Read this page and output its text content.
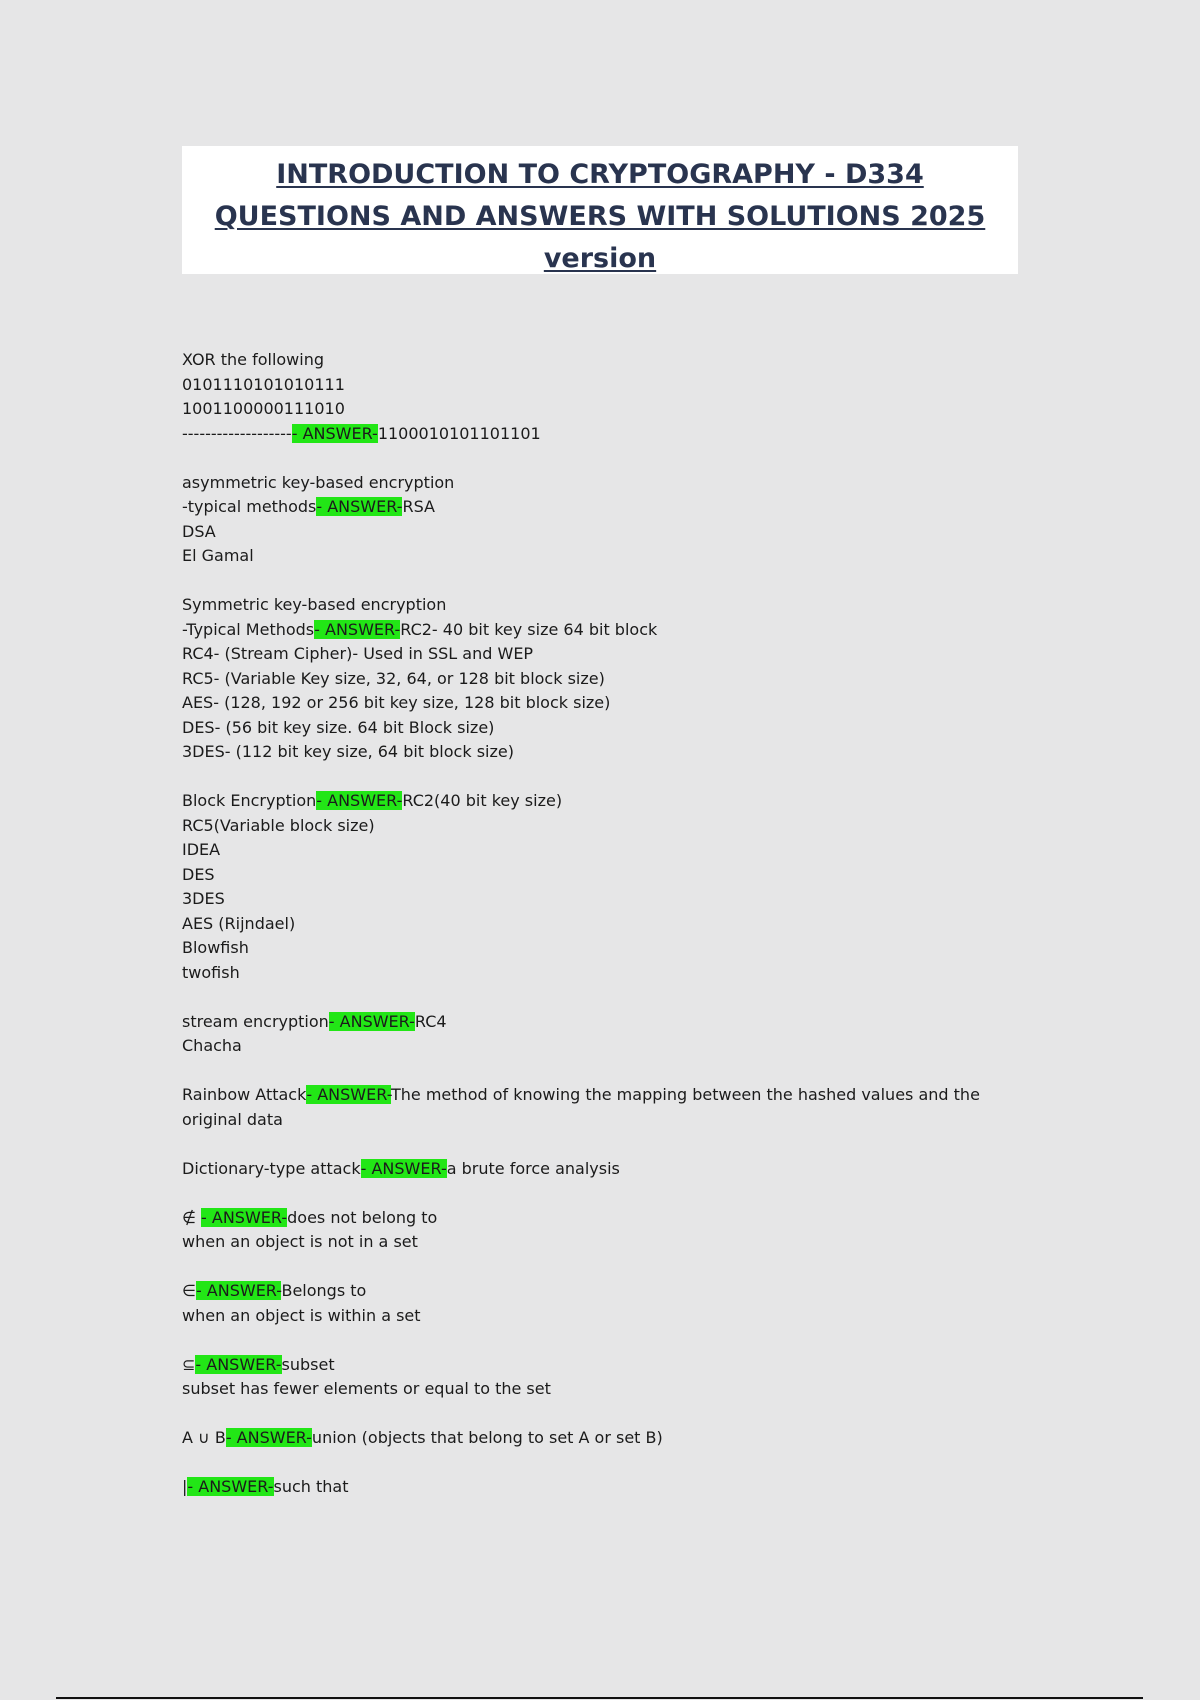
INTRODUCTION TO CRYPTOGRAPHY - D334
QUESTIONS AND ANSWERS WITH SOLUTIONS 2025
version
XOR the following
0101110101010111
1001100000111010
-------------------- ANSWER-1100010101101101
asymmetric key-based encryption
-typical methods- ANSWER-RSA
DSA
El Gamal
Symmetric key-based encryption
-Typical Methods- ANSWER-RC2- 40 bit key size 64 bit block
RC4- (Stream Cipher)- Used in SSL and WEP
RC5- (Variable Key size, 32, 64, or 128 bit block size)
AES- (128, 192 or 256 bit key size, 128 bit block size)
DES- (56 bit key size. 64 bit Block size)
3DES- (112 bit key size, 64 bit block size)
Block Encryption- ANSWER-RC2(40 bit key size)
RC5(Variable block size)
IDEA
DES
3DES
AES (Rijndael)
Blowfish
twofish
stream encryption- ANSWER-RC4
Chacha
Rainbow Attack- ANSWER-The method of knowing the mapping between the hashed values and the original data
Dictionary-type attack- ANSWER-a brute force analysis
∉ - ANSWER-does not belong to
when an object is not in a set
∈- ANSWER-Belongs to
when an object is within a set
⊆- ANSWER-subset
subset has fewer elements or equal to the set
A ∪ B- ANSWER-union (objects that belong to set A or set B)
|- ANSWER-such that
